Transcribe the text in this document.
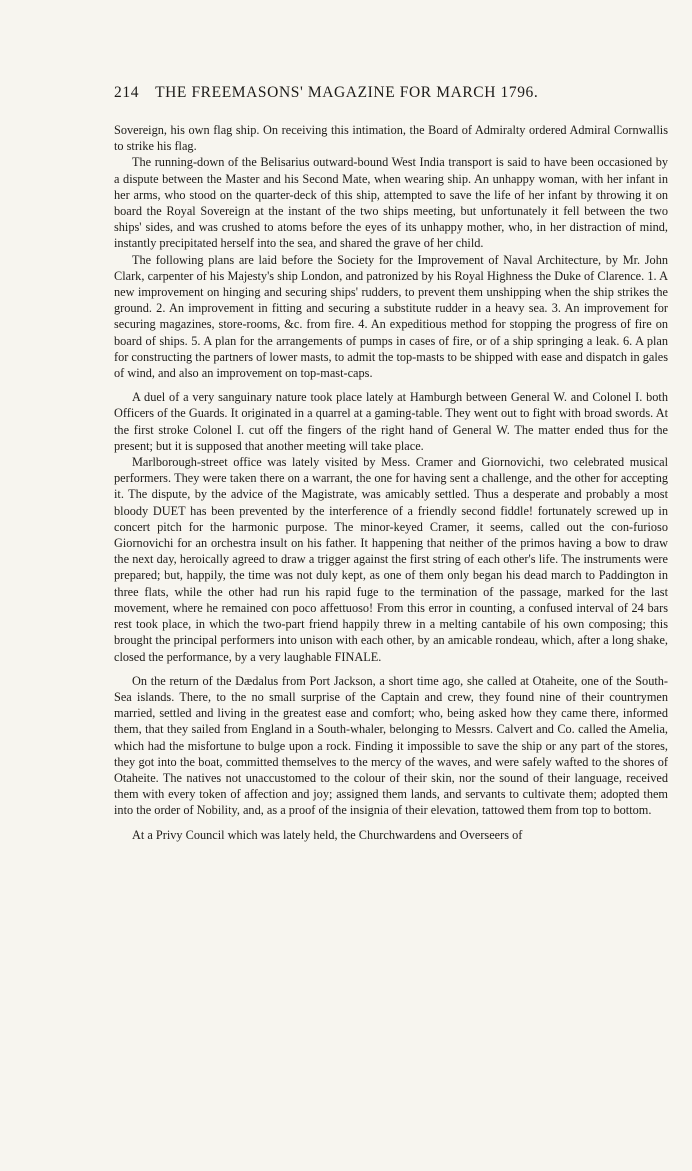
214 THE FREEMASONS' MAGAZINE FOR MARCH 1796.

Sovereign, his own flag ship. On receiving this intimation, the Board of Admiralty ordered Admiral Cornwallis to strike his flag.

The running-down of the Belisarius outward-bound West India transport is said to have been occasioned by a dispute between the Master and his Second Mate, when wearing ship. An unhappy woman, with her infant in her arms, who stood on the quarter-deck of this ship, attempted to save the life of her infant by throwing it on board the Royal Sovereign at the instant of the two ships meeting, but unfortunately it fell between the two ships' sides, and was crushed to atoms before the eyes of its unhappy mother, who, in her distraction of mind, instantly precipitated herself into the sea, and shared the grave of her child.

The following plans are laid before the Society for the Improvement of Naval Architecture, by Mr. John Clark, carpenter of his Majesty's ship London, and patronized by his Royal Highness the Duke of Clarence. 1. A new improvement on hinging and securing ships' rudders, to prevent them unshipping when the ship strikes the ground. 2. An improvement in fitting and securing a substitute rudder in a heavy sea. 3. An improvement for securing magazines, store-rooms, &c. from fire. 4. An expeditious method for stopping the progress of fire on board of ships. 5. A plan for the arrangements of pumps in cases of fire, or of a ship springing a leak. 6. A plan for constructing the partners of lower masts, to admit the top-masts to be shipped with ease and dispatch in gales of wind, and also an improvement on top-mast-caps.

A duel of a very sanguinary nature took place lately at Hamburgh between General W. and Colonel I. both Officers of the Guards. It originated in a quarrel at a gaming-table. They went out to fight with broad swords. At the first stroke Colonel I. cut off the fingers of the right hand of General W. The matter ended thus for the present; but it is supposed that another meeting will take place.

Marlborough-street office was lately visited by Mess. Cramer and Giornovichi, two celebrated musical performers. They were taken there on a warrant, the one for having sent a challenge, and the other for accepting it. The dispute, by the advice of the Magistrate, was amicably settled. Thus a desperate and probably a most bloody DUET has been prevented by the interference of a friendly second fiddle! fortunately screwed up in concert pitch for the harmonic purpose. The minor-keyed Cramer, it seems, called out the con-furioso Giornovichi for an orchestra insult on his father. It happening that neither of the primos having a bow to draw the next day, heroically agreed to draw a trigger against the first string of each other's life. The instruments were prepared; but, happily, the time was not duly kept, as one of them only began his dead march to Paddington in three flats, while the other had run his rapid fuge to the termination of the passage, marked for the last movement, where he remained con poco affettuoso! From this error in counting, a confused interval of 24 bars rest took place, in which the two-part friend happily threw in a melting cantabile of his own composing; this brought the principal performers into unison with each other, by an amicable rondeau, which, after a long shake, closed the performance, by a very laughable FINALE.

On the return of the Dædalus from Port Jackson, a short time ago, she called at Otaheite, one of the South-Sea islands. There, to the no small surprise of the Captain and crew, they found nine of their countrymen married, settled and living in the greatest ease and comfort; who, being asked how they came there, informed them, that they sailed from England in a South-whaler, belonging to Messrs. Calvert and Co. called the Amelia, which had the misfortune to bulge upon a rock. Finding it impossible to save the ship or any part of the stores, they got into the boat, committed themselves to the mercy of the waves, and were safely wafted to the shores of Otaheite. The natives not unaccustomed to the colour of their skin, nor the sound of their language, received them with every token of affection and joy; assigned them lands, and servants to cultivate them; adopted them into the order of Nobility, and, as a proof of the insignia of their elevation, tattowed them from top to bottom.

At a Privy Council which was lately held, the Churchwardens and Overseers of
